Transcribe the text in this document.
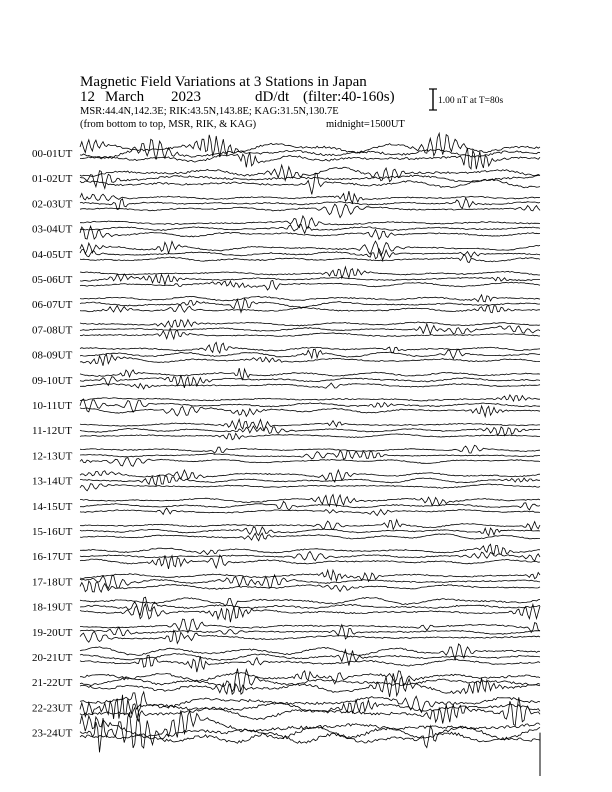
Magnetic Field Variations at 3 Stations in Japan
12 March 2023	dD/dt (filter:40-160s)
MSR:44.4N,142.3E; RIK:43.5N,143.8E; KAG:31.5N,130.7E
(from bottom to top, MSR, RIK, & KAG)	midnight=1500UT
1.00 nT at T=80s
00-01UT
01-02UT
02-03UT
03-04UT
04-05UT
05-06UT
06-07UT
07-08UT
08-09UT
09-10UT
10-11UT
11-12UT
12-13UT
13-14UT
14-15UT
15-16UT
16-17UT
17-18UT
18-19UT
19-20UT
20-21UT
21-22UT
22-23UT
23-24UT
